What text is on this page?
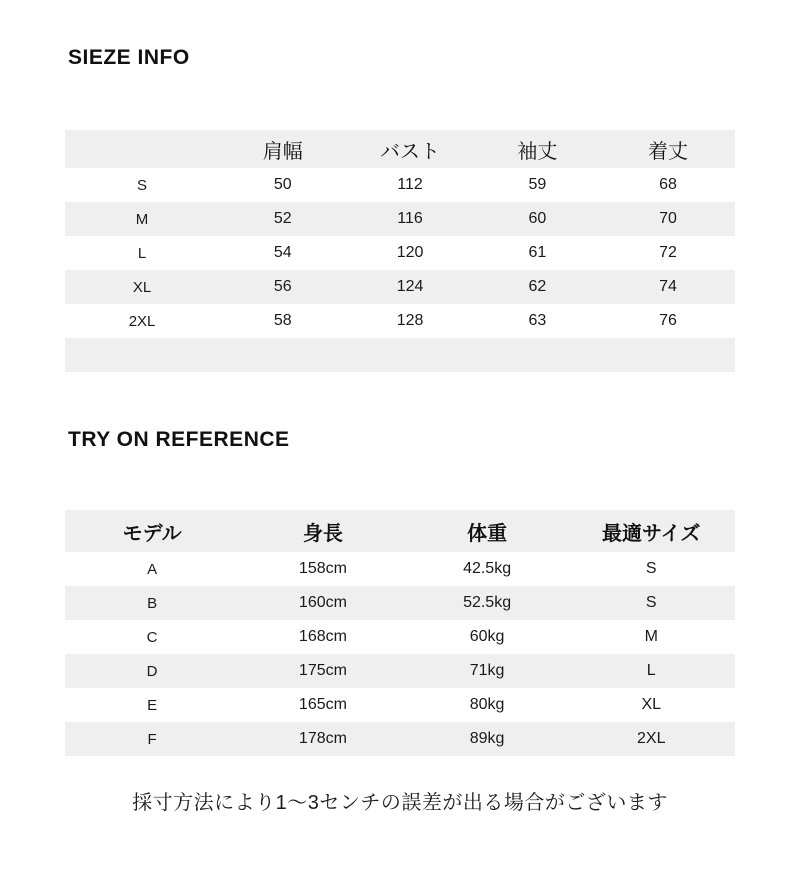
SIEZE INFO
	肩幅	バスト	袖丈	着丈
S	50	112	59	68
M	52	116	60	70
L	54	120	61	72
XL	56	124	62	74
2XL	58	128	63	76

TRY ON REFERENCE
モデル	身長	体重	最適サイズ
A	158cm	42.5kg	S
B	160cm	52.5kg	S
C	168cm	60kg	M
D	175cm	71kg	L
E	165cm	80kg	XL
F	178cm	89kg	2XL
採寸方法により1〜3センチの誤差が出る場合がございます
